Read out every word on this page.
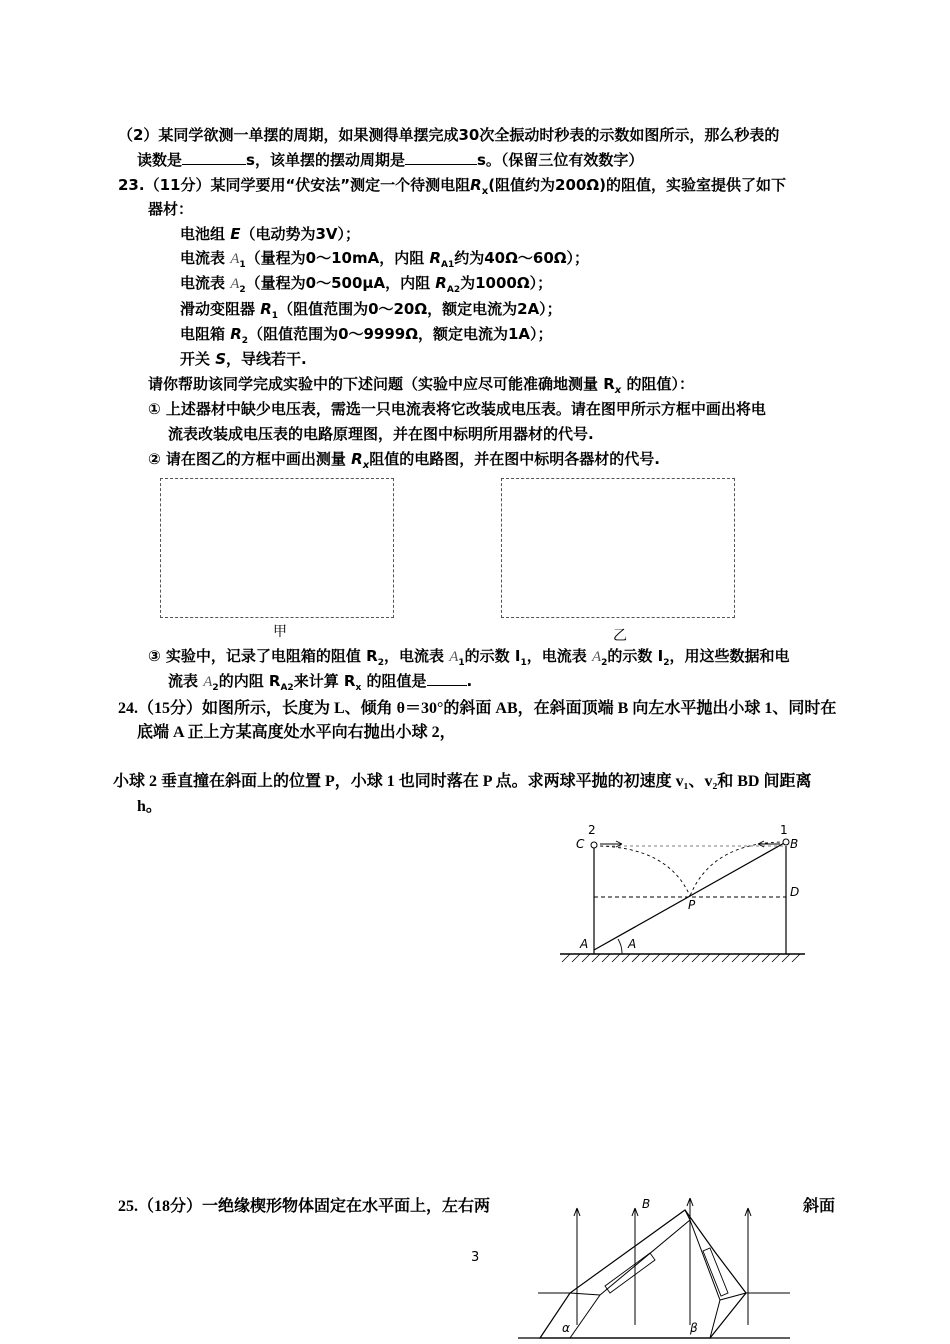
（2）某同学欲测一单摆的周期，如果测得单摆完成30次全振动时秒表的示数如图所示，那么秒表的
读数是	s，该单摆的摆动周期是	s。（保留三位有效数字）
23.（11分）某同学要用“伏安法”测定一个待测电阻$R_x$(阻值约为200Ω)的阻值，实验室提供了如下
器材：
电池组 E（电动势为3V）；
电流表 $A_1$（量程为0～10mA，内阻 $R_{A1}$约为40Ω～60Ω）；
电流表 $A_2$（量程为0～500μA，内阻 $R_{A2}$为1000Ω）；
滑动变阻器 $R_1$（阻值范围为0～20Ω，额定电流为2A）；
电阻箱 $R_2$（阻值范围为0～9999Ω，额定电流为1A）；
开关 S，导线若干.
请你帮助该同学完成实验中的下述问题（实验中应尽可能准确地测量 $R_x$ 的阻值）：
① 上述器材中缺少电压表，需选一只电流表将它改装成电压表。请在图甲所示方框中画出将电
流表改装成电压表的电路原理图，并在图中标明所用器材的代号.
② 请在图乙的方框中画出测量 $R_x$阻值的电路图，并在图中标明各器材的代号.
甲	乙
③ 实验中，记录了电阻箱的阻值 $R_2$，电流表 $A_1$的示数 $I_1$，电流表 $A_2$的示数 $I_2$，用这些数据和电
流表 $A_2$的内阻 $R_{A2}$来计算 $R_x$ 的阻值是	.
24.（15分）如图所示，长度为 L、倾角 θ＝30°的斜面 AB，在斜面顶端 B 向左水平抛出小球 1、同时在
底端 A 正上方某高度处水平向右抛出小球 2，
小球 2 垂直撞在斜面上的位置 P，小球 1 也同时落在 P 点。求两球平抛的初速度 v₁、v₂和 BD 间距离
h。
2	1
C	B
D
P
A	A
25.（18分）一绝缘楔形物体固定在水平面上，左右两	斜面
B
α	β
3
